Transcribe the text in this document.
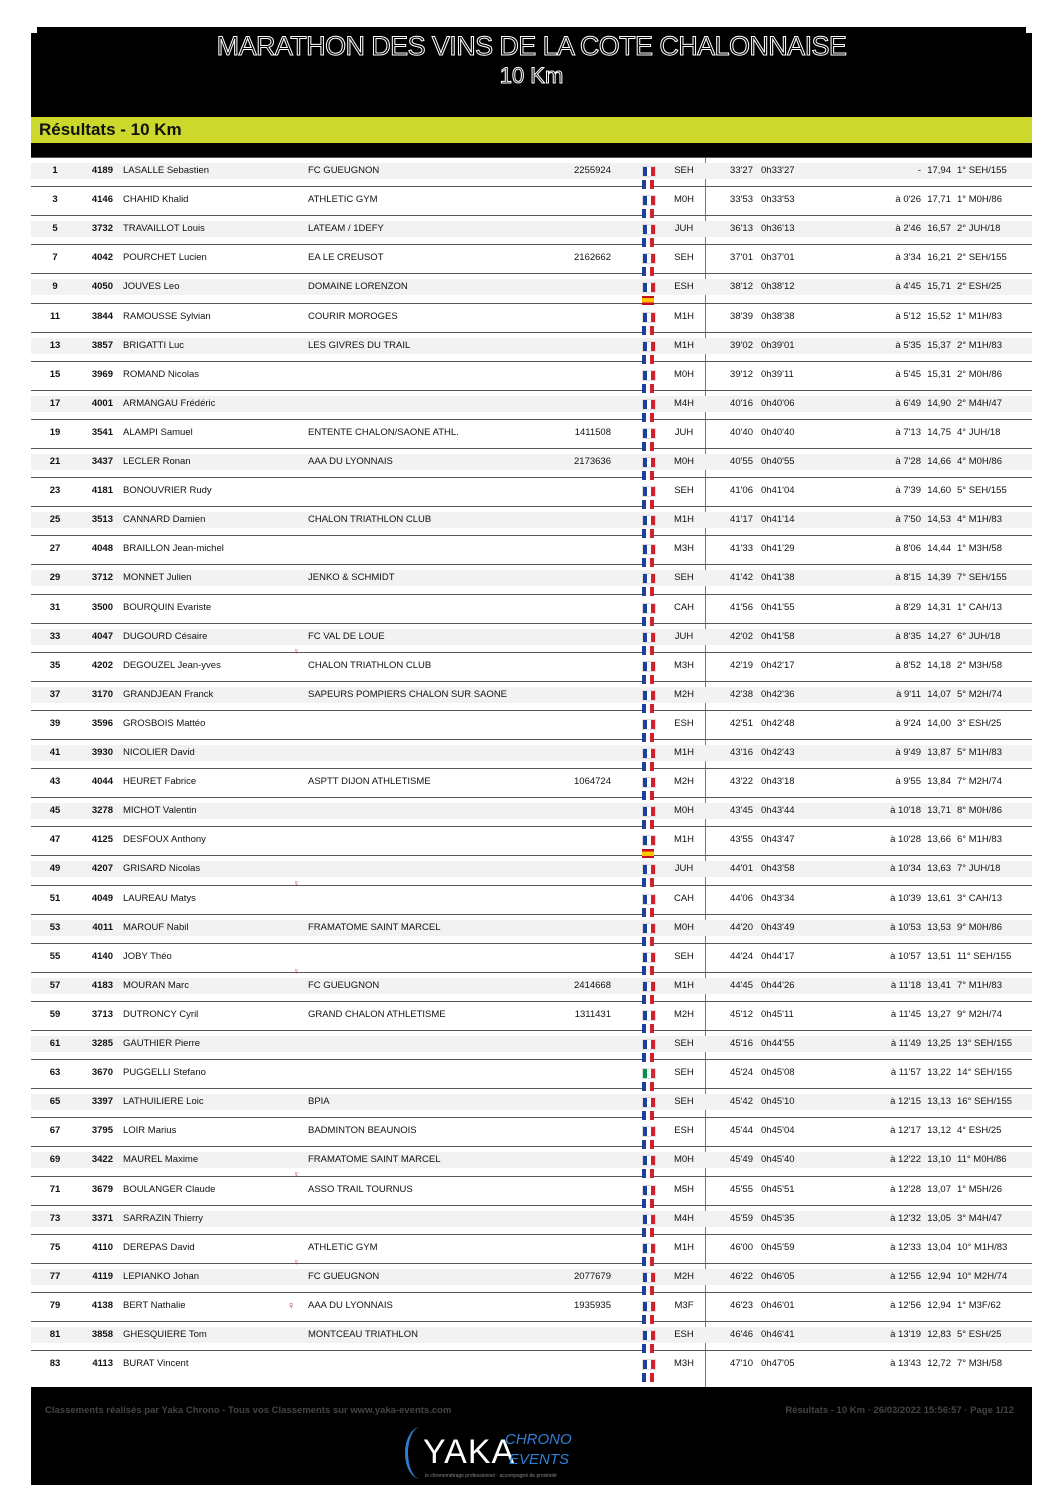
MARATHON DES VINS DE LA COTE CHALONNAISE
10 Km
Résultats - 10 Km
1	4189 LASALLE Sebastien	FC GUEUGNON	2255924	SEH	33'27 0h33'27	- 17,94 1° SEH/155
3	4146 CHAHID Khalid	ATHLETIC GYM	M0H	33'53 0h33'53	à 0'26 17,71 1° M0H/86
5	3732 TRAVAILLOT Louis	LATEAM / 1DEFY	JUH	36'13 0h36'13	à 2'46 16,57 2° JUH/18
7	4042 POURCHET Lucien	EA LE CREUSOT	2162662	SEH	37'01 0h37'01	à 3'34 16,21 2° SEH/155
9	4050 JOUVES Leo	DOMAINE LORENZON	ESH	38'12 0h38'12	à 4'45 15,71 2° ESH/25
11	3844 RAMOUSSE Sylvian	COURIR MOROGES	M1H	38'39 0h38'38	à 5'12 15,52 1° M1H/83
13	3857 BRIGATTI Luc	LES GIVRES DU TRAIL	M1H	39'02 0h39'01	à 5'35 15,37 2° M1H/83
15	3969 ROMAND Nicolas	M0H	39'12 0h39'11	à 5'45 15,31 2° M0H/86
17	4001 ARMANGAU Frédéric	M4H	40'16 0h40'06	à 6'49 14,90 2° M4H/47
19	3541 ALAMPI Samuel	ENTENTE CHALON/SAONE ATHL.	1411508	JUH	40'40 0h40'40	à 7'13 14,75 4° JUH/18
21	3437 LECLER Ronan	AAA DU LYONNAIS	2173636	M0H	40'55 0h40'55	à 7'28 14,66 4° M0H/86
23	4181 BONOUVRIER Rudy	SEH	41'06 0h41'04	à 7'39 14,60 5° SEH/155
25	3513 CANNARD Damien	CHALON TRIATHLON CLUB	M1H	41'17 0h41'14	à 7'50 14,53 4° M1H/83
27	4048 BRAILLON Jean-michel	M3H	41'33 0h41'29	à 8'06 14,44 1° M3H/58
29	3712 MONNET Julien	JENKO & SCHMIDT	SEH	41'42 0h41'38	à 8'15 14,39 7° SEH/155
31	3500 BOURQUIN Evariste	CAH	41'56 0h41'55	à 8'29 14,31 1° CAH/13
33	4047 DUGOURD Césaire	FC VAL DE LOUE	JUH	42'02 0h41'58	à 8'35 14,27 6° JUH/18
35	4202 DEGOUZEL Jean-yves	CHALON TRIATHLON CLUB	M3H	42'19 0h42'17	à 8'52 14,18 2° M3H/58
37	3170 GRANDJEAN Franck	SAPEURS POMPIERS CHALON SUR SAONE	M2H	42'38 0h42'36	à 9'11 14,07 5° M2H/74
39	3596 GROSBOIS Mattéo	ESH	42'51 0h42'48	à 9'24 14,00 3° ESH/25
41	3930 NICOLIER David	M1H	43'16 0h42'43	à 9'49 13,87 5° M1H/83
43	4044 HEURET Fabrice	ASPTT DIJON ATHLETISME	1064724	M2H	43'22 0h43'18	à 9'55 13,84 7° M2H/74
45	3278 MICHOT Valentin	M0H	43'45 0h43'44	à 10'18 13,71 8° M0H/86
47	4125 DESFOUX Anthony	M1H	43'55 0h43'47	à 10'28 13,66 6° M1H/83
49	4207 GRISARD Nicolas	JUH	44'01 0h43'58	à 10'34 13,63 7° JUH/18
51	4049 LAUREAU Matys	CAH	44'06 0h43'34	à 10'39 13,61 3° CAH/13
53	4011 MAROUF Nabil	FRAMATOME SAINT MARCEL	M0H	44'20 0h43'49	à 10'53 13,53 9° M0H/86
55	4140 JOBY Théo	SEH	44'24 0h44'17	à 10'57 13,51 11° SEH/155
57	4183 MOURAN Marc	FC GUEUGNON	2414668	M1H	44'45 0h44'26	à 11'18 13,41 7° M1H/83
59	3713 DUTRONCY Cyril	GRAND CHALON ATHLETISME	1311431	M2H	45'12 0h45'11	à 11'45 13,27 9° M2H/74
61	3285 GAUTHIER Pierre	SEH	45'16 0h44'55	à 11'49 13,25 13° SEH/155
63	3670 PUGGELLI Stefano	SEH	45'24 0h45'08	à 11'57 13,22 14° SEH/155
65	3397 LATHUILIERE Loic	BPIA	SEH	45'42 0h45'10	à 12'15 13,13 16° SEH/155
67	3795 LOIR Marius	BADMINTON BEAUNOIS	ESH	45'44 0h45'04	à 12'17 13,12 4° ESH/25
69	3422 MAUREL Maxime	FRAMATOME SAINT MARCEL	M0H	45'49 0h45'40	à 12'22 13,10 11° M0H/86
71	3679 BOULANGER Claude	ASSO TRAIL TOURNUS	M5H	45'55 0h45'51	à 12'28 13,07 1° M5H/26
73	3371 SARRAZIN Thierry	M4H	45'59 0h45'35	à 12'32 13,05 3° M4H/47
75	4110 DEREPAS David	ATHLETIC GYM	M1H	46'00 0h45'59	à 12'33 13,04 10° M1H/83
77	4119 LEPIANKO Johan	FC GUEUGNON	2077679	M2H	46'22 0h46'05	à 12'55 12,94 10° M2H/74
79	4138 BERT Nathalie	AAA DU LYONNAIS	1935935	M3F	46'23 0h46'01	à 12'56 12,94 1° M3F/62
♀
81	3858 GHESQUIERE Tom	MONTCEAU TRIATHLON	ESH	46'46 0h46'41	à 13'19 12,83 5° ESH/25
83	4113 BURAT Vincent	M3H	47'10 0h47'05	à 13'43 12,72 7° M3H/58
♀
♀
♀
♀
♀
Classements réalisés par Yaka Chrono - Tous vos Classements sur www.yaka-events.com	Résultats - 10 Km · 26/03/2022 15:56:57 · Page 1/12
YAKA
CHRONO
EVENTS
le chronométrage professionnel · accompagné de proximité
